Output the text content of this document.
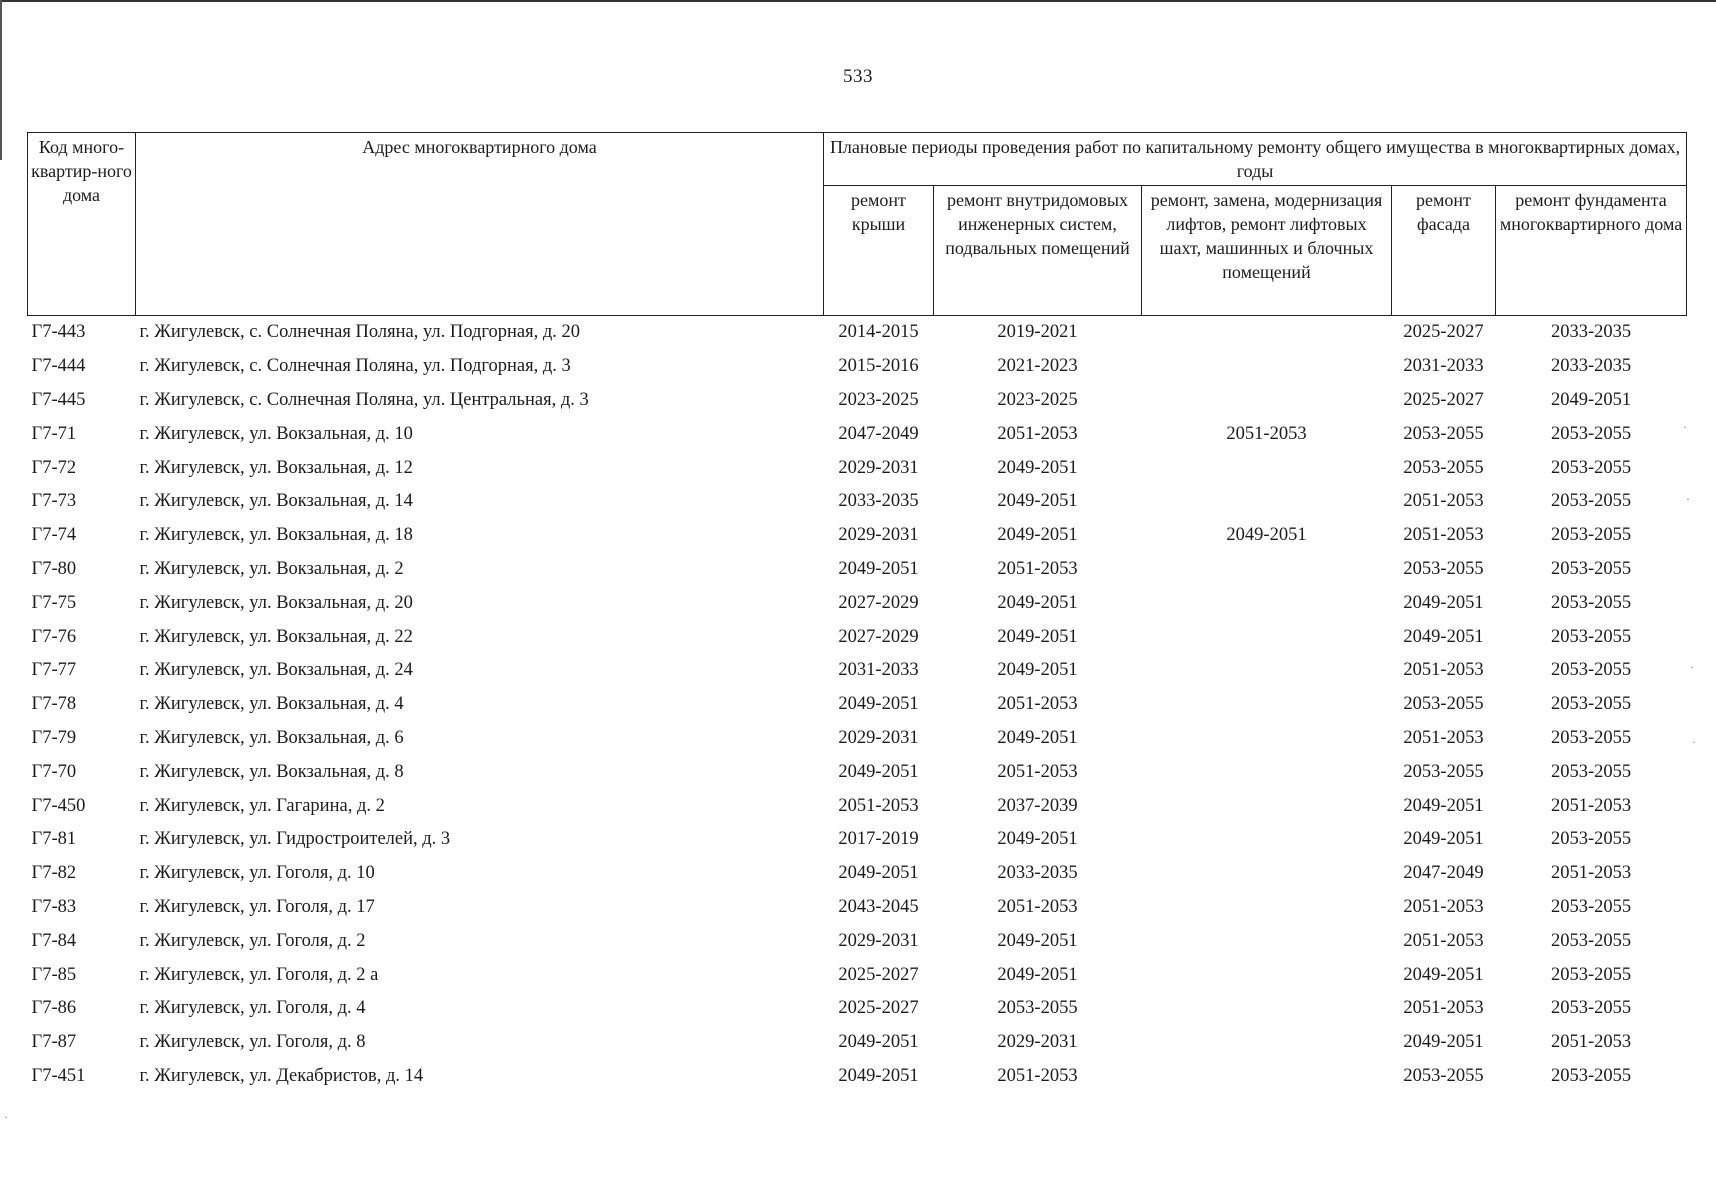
533
Код много-квартир-ного дома	Адрес многоквартирного дома	Плановые периоды проведения работ по капитальному ремонту общего имущества в многоквартирных домах, годы				
		ремонт крыши	ремонт внутридомовых инженерных систем, подвальных помещений	ремонт, замена, модернизация лифтов, ремонт лифтовых шахт, машинных и блочных помещений	ремонт фасада	ремонт фундамента многоквартирного дома
Г7-443	г. Жигулевск, с. Солнечная Поляна, ул. Подгорная, д. 20	2014-2015	2019-2021		2025-2027	2033-2035
Г7-444	г. Жигулевск, с. Солнечная Поляна, ул. Подгорная, д. 3	2015-2016	2021-2023		2031-2033	2033-2035
Г7-445	г. Жигулевск, с. Солнечная Поляна, ул. Центральная, д. 3	2023-2025	2023-2025		2025-2027	2049-2051
Г7-71	г. Жигулевск, ул. Вокзальная, д. 10	2047-2049	2051-2053	2051-2053	2053-2055	2053-2055
Г7-72	г. Жигулевск, ул. Вокзальная, д. 12	2029-2031	2049-2051		2053-2055	2053-2055
Г7-73	г. Жигулевск, ул. Вокзальная, д. 14	2033-2035	2049-2051		2051-2053	2053-2055
Г7-74	г. Жигулевск, ул. Вокзальная, д. 18	2029-2031	2049-2051	2049-2051	2051-2053	2053-2055
Г7-80	г. Жигулевск, ул. Вокзальная, д. 2	2049-2051	2051-2053		2053-2055	2053-2055
Г7-75	г. Жигулевск, ул. Вокзальная, д. 20	2027-2029	2049-2051		2049-2051	2053-2055
Г7-76	г. Жигулевск, ул. Вокзальная, д. 22	2027-2029	2049-2051		2049-2051	2053-2055
Г7-77	г. Жигулевск, ул. Вокзальная, д. 24	2031-2033	2049-2051		2051-2053	2053-2055
Г7-78	г. Жигулевск, ул. Вокзальная, д. 4	2049-2051	2051-2053		2053-2055	2053-2055
Г7-79	г. Жигулевск, ул. Вокзальная, д. 6	2029-2031	2049-2051		2051-2053	2053-2055
Г7-70	г. Жигулевск, ул. Вокзальная, д. 8	2049-2051	2051-2053		2053-2055	2053-2055
Г7-450	г. Жигулевск, ул. Гагарина, д. 2	2051-2053	2037-2039		2049-2051	2051-2053
Г7-81	г. Жигулевск, ул. Гидростроителей, д. 3	2017-2019	2049-2051		2049-2051	2053-2055
Г7-82	г. Жигулевск, ул. Гоголя, д. 10	2049-2051	2033-2035		2047-2049	2051-2053
Г7-83	г. Жигулевск, ул. Гоголя, д. 17	2043-2045	2051-2053		2051-2053	2053-2055
Г7-84	г. Жигулевск, ул. Гоголя, д. 2	2029-2031	2049-2051		2051-2053	2053-2055
Г7-85	г. Жигулевск, ул. Гоголя, д. 2 а	2025-2027	2049-2051		2049-2051	2053-2055
Г7-86	г. Жигулевск, ул. Гоголя, д. 4	2025-2027	2053-2055		2051-2053	2053-2055
Г7-87	г. Жигулевск, ул. Гоголя, д. 8	2049-2051	2029-2031		2049-2051	2051-2053
Г7-451	г. Жигулевск, ул. Декабристов, д. 14	2049-2051	2051-2053		2053-2055	2053-2055
·
·
·
·
·
